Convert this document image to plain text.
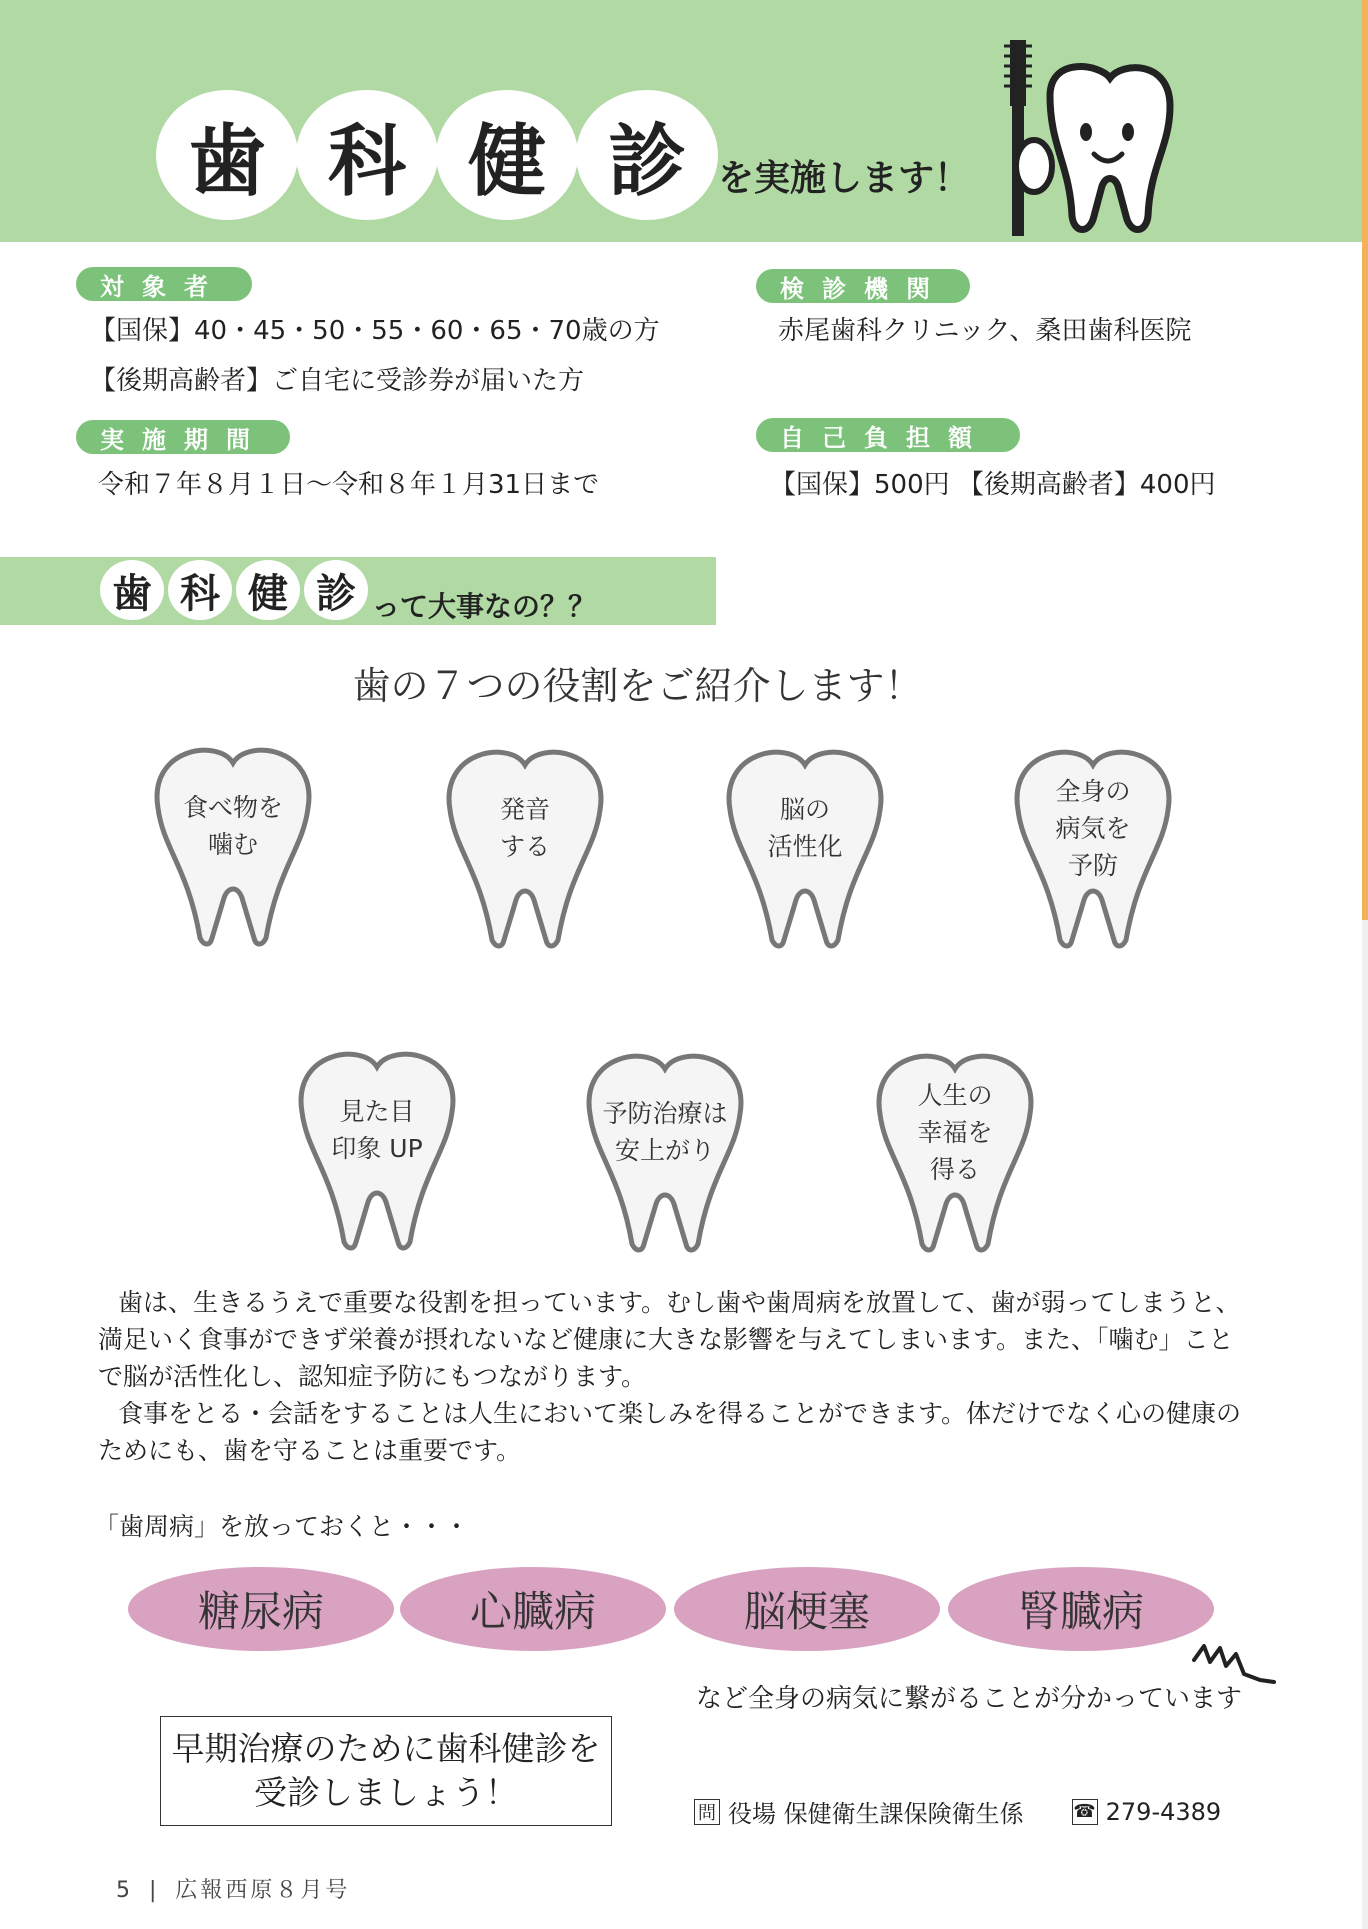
歯 科 健 診 を実施します！
対象者
【国保】40・45・50・55・60・65・70歳の方
【後期高齢者】ご自宅に受診券が届いた方
実施期間
令和７年８月１日～令和８年１月31日まで
検診機関
赤尾歯科クリニック、桑田歯科医院
自己負担額
【国保】500円 【後期高齢者】400円
歯 科 健 診 って大事なの？？
歯の７つの役割をご紹介します！
食べ物を
噛む
発音
する
脳の
活性化
全身の
病気を
予防
見た目
印象 UP
予防治療は
安上がり
人生の
幸福を
得る

歯は、生きるうえで重要な役割を担っています。むし歯や歯周病を放置して、歯が弱ってしまうと、満足いく食事ができず栄養が摂れないなど健康に大きな影響を与えてしまいます。また、「噛む」ことで脳が活性化し、認知症予防にもつながります。

食事をとる・会話をすることは人生において楽しみを得ることができます。体だけでなく心の健康のためにも、歯を守ることは重要です。

「歯周病」を放っておくと・・・
糖尿病	心臓病	脳梗塞	腎臓病
など全身の病気に繋がることが分かっています
早期治療のために歯科健診を
受診しましょう！
問 役場 保健衛生課保険衛生係	☎ 279-4389
5 | 広報西原８月号
